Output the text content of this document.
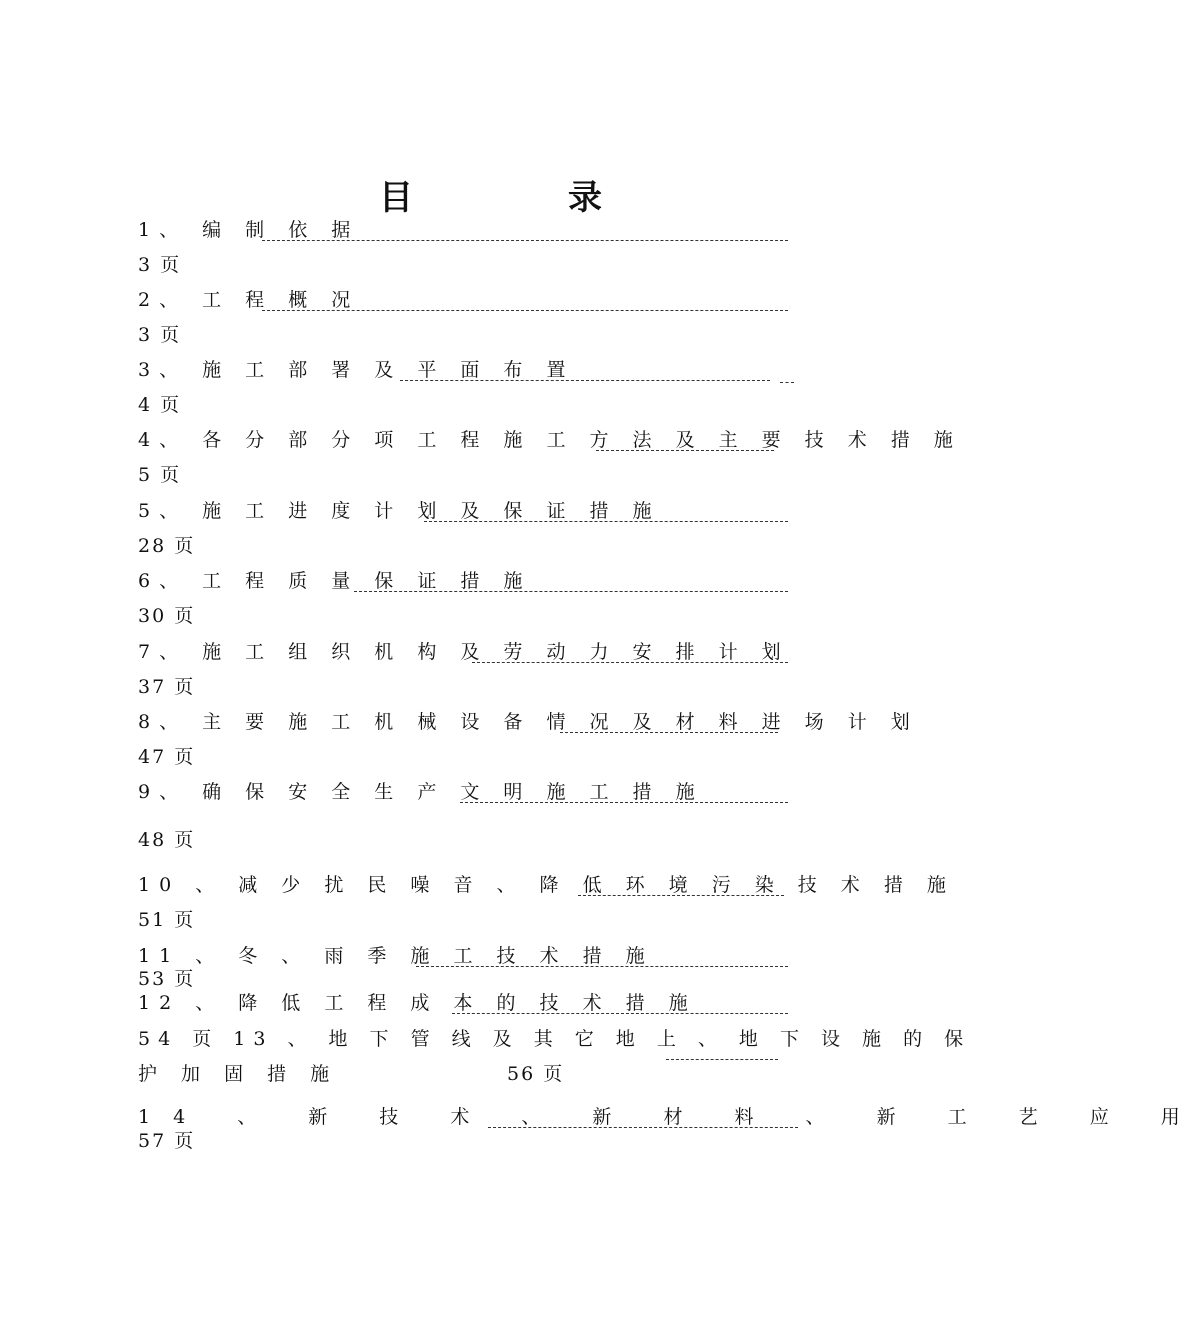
目	录
1、 编 制 依 据
3 页
2、 工 程 概 况
3 页
3、 施 工 部 署 及 平 面 布 置
4 页
4、 各 分 部 分 项 工 程 施 工 方 法 及 主 要 技 术 措 施
5 页
5、 施 工 进 度 计 划 及 保 证 措 施
28 页
6、 工 程 质 量 保 证 措 施
30 页
7、 施 工 组 织 机 构 及 劳 动 力 安 排 计 划
37 页
8、 主 要 施 工 机 械 设 备 情 况 及 材 料 进 场 计 划
47 页
9、 确 保 安 全 生 产 文 明 施 工 措 施
48 页
10 、 减 少 扰 民 噪 音 、 降 低 环 境 污 染 技 术 措 施
51 页
11 、 冬 、 雨 季 施 工 技 术 措 施
53 页
12 、 降 低 工 程 成 本 的 技 术 措 施
54 页 13 、 地 下 管 线 及 其 它 地 上 、 地 下 设 施 的 保
护 加 固 措 施	56 页
14 、 新 技 术 、 新 材 料 、 新 工 艺 应 用
57 页
